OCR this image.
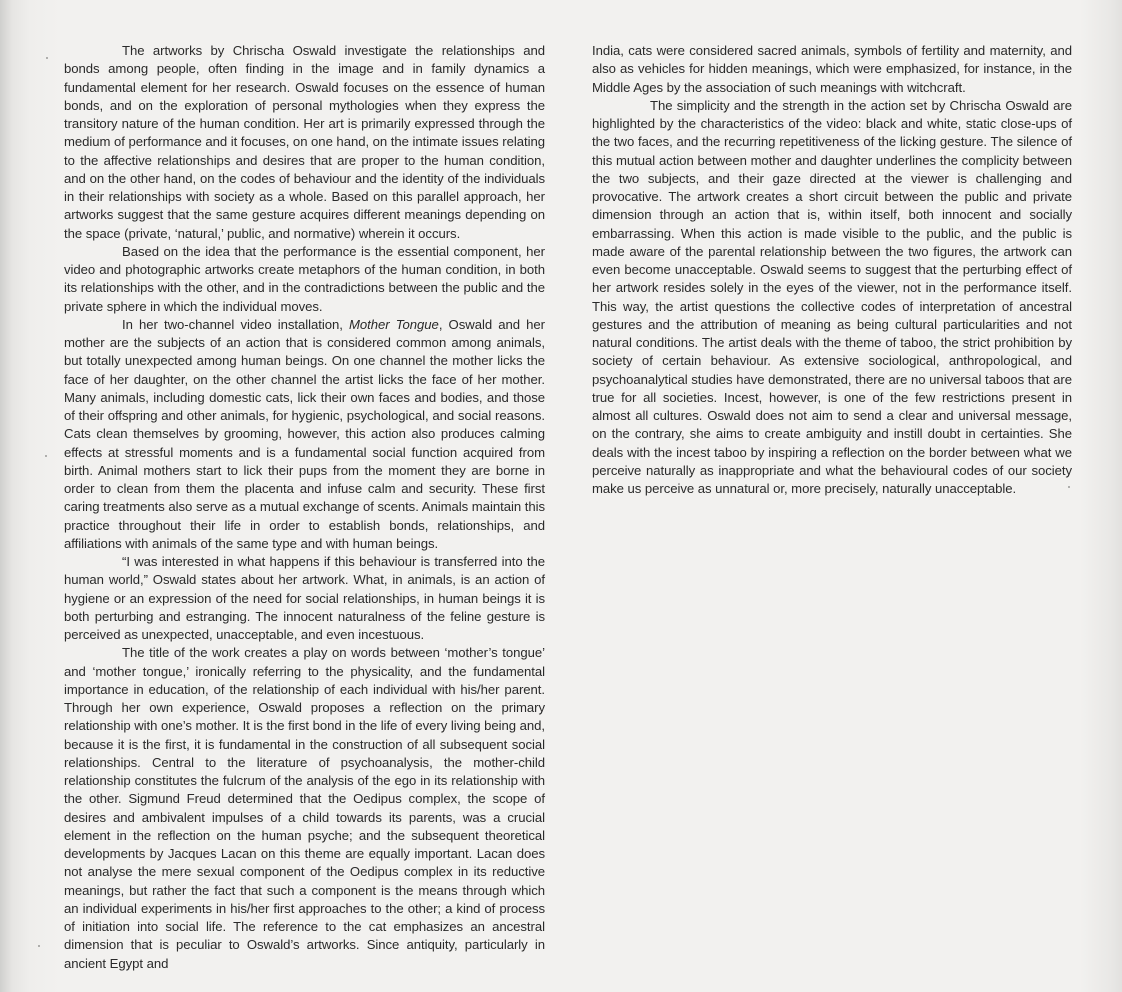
The artworks by Chrischa Oswald investigate the relationships and bonds among people, often finding in the image and in family dynamics a fundamental element for her research. Oswald focuses on the essence of human bonds, and on the exploration of personal mythologies when they express the transitory nature of the human condition. Her art is primarily expressed through the medium of performance and it focuses, on one hand, on the intimate issues relating to the affective relationships and desires that are proper to the human condition, and on the other hand, on the codes of behaviour and the identity of the individuals in their relationships with society as a whole. Based on this parallel approach, her artworks suggest that the same gesture acquires different meanings depending on the space (private, ‘natural,’ public, and normative) wherein it occurs.

Based on the idea that the performance is the essential component, her video and photographic artworks create metaphors of the human condition, in both its relationships with the other, and in the contradictions between the public and the private sphere in which the individual moves.

In her two-channel video installation, Mother Tongue, Oswald and her mother are the subjects of an action that is considered common among animals, but totally unexpected among human beings. On one channel the mother licks the face of her daughter, on the other channel the artist licks the face of her mother. Many animals, including domestic cats, lick their own faces and bodies, and those of their offspring and other animals, for hygienic, psychological, and social reasons. Cats clean themselves by grooming, however, this action also produces calming effects at stressful moments and is a fundamental social function acquired from birth. Animal mothers start to lick their pups from the moment they are borne in order to clean from them the placenta and infuse calm and security. These first caring treatments also serve as a mutual exchange of scents. Animals maintain this practice throughout their life in order to establish bonds, relationships, and affiliations with animals of the same type and with human beings.

“I was interested in what happens if this behaviour is transferred into the human world,” Oswald states about her artwork. What, in animals, is an action of hygiene or an expression of the need for social relationships, in human beings it is both perturbing and estranging. The innocent naturalness of the feline gesture is perceived as unexpected, unacceptable, and even incestuous.

The title of the work creates a play on words between ‘mother’s tongue’ and ‘mother tongue,’ ironically referring to the physicality, and the fundamental importance in education, of the relationship of each individual with his/her parent. Through her own experience, Oswald proposes a reflection on the primary relationship with one’s mother. It is the first bond in the life of every living being and, because it is the first, it is fundamental in the construction of all subsequent social relationships. Central to the literature of psychoanalysis, the mother-child relationship constitutes the fulcrum of the analysis of the ego in its relationship with the other. Sigmund Freud determined that the Oedipus complex, the scope of desires and ambivalent impulses of a child towards its parents, was a crucial element in the reflection on the human psyche; and the subsequent theoretical developments by Jacques Lacan on this theme are equally important. Lacan does not analyse the mere sexual component of the Oedipus complex in its reductive meanings, but rather the fact that such a component is the means through which an individual experiments in his/her first approaches to the other; a kind of process of initiation into social life. The reference to the cat emphasizes an ancestral dimension that is peculiar to Oswald’s artworks. Since antiquity, particularly in ancient Egypt and

India, cats were considered sacred animals, symbols of fertility and maternity, and also as vehicles for hidden meanings, which were emphasized, for instance, in the Middle Ages by the association of such meanings with witchcraft.

The simplicity and the strength in the action set by Chrischa Oswald are highlighted by the characteristics of the video: black and white, static close-ups of the two faces, and the recurring repetitiveness of the licking gesture. The silence of this mutual action between mother and daughter underlines the complicity between the two subjects, and their gaze directed at the viewer is challenging and provocative. The artwork creates a short circuit between the public and private dimension through an action that is, within itself, both innocent and socially embarrassing. When this action is made visible to the public, and the public is made aware of the parental relationship between the two figures, the artwork can even become unacceptable. Oswald seems to suggest that the perturbing effect of her artwork resides solely in the eyes of the viewer, not in the performance itself. This way, the artist questions the collective codes of interpretation of ancestral gestures and the attribution of meaning as being cultural particularities and not natural conditions. The artist deals with the theme of taboo, the strict prohibition by society of certain behaviour. As extensive sociological, anthropological, and psychoanalytical studies have demonstrated, there are no universal taboos that are true for all societies. Incest, however, is one of the few restrictions present in almost all cultures. Oswald does not aim to send a clear and universal message, on the contrary, she aims to create ambiguity and instill doubt in certainties. She deals with the incest taboo by inspiring a reflection on the border between what we perceive naturally as inappropriate and what the behavioural codes of our society make us perceive as unnatural or, more precisely, naturally unacceptable.
